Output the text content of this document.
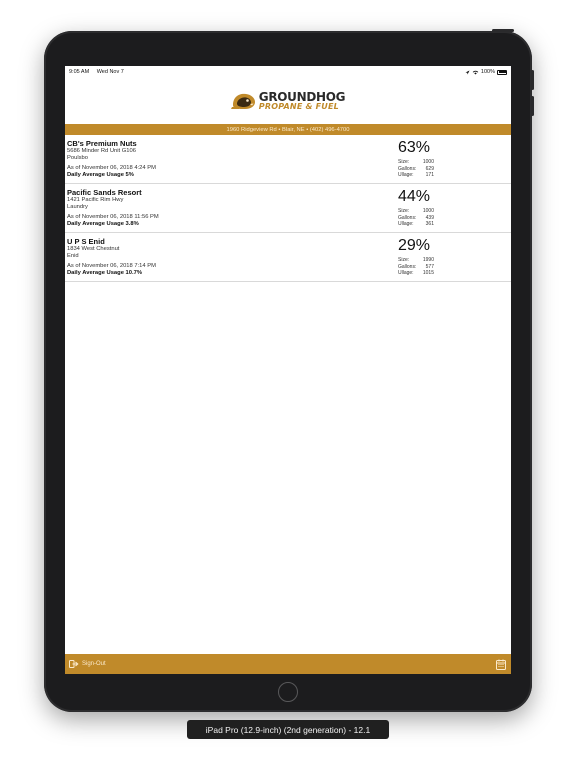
9:05 AM Wed Nov 7	100%
GROUNDHOG
PROPANE & FUEL
1960 Ridgeview Rd • Blair, NE • (402) 496-4700
CB's Premium Nuts
5686 Minder Rd Unit G106
Poulsbo
As of November 06, 2018 4:24 PM
Daily Average Usage 5%
63%
Size:	1000
Gallons: 629
Ullage: 171
Pacific Sands Resort
1421 Pacific Rim Hwy
Laundry
As of November 06, 2018 11:56 PM
Daily Average Usage 3.8%
44%
Size:	1000
Gallons: 439
Ullage: 361
U P S Enid
1834 West Chestnut
Enid
As of November 06, 2018 7:14 PM
Daily Average Usage 10.7%
29%
Size:	1990
Gallons: 577
Ullage: 1015
Sign-Out
iPad Pro (12.9-inch) (2nd generation) - 12.1
